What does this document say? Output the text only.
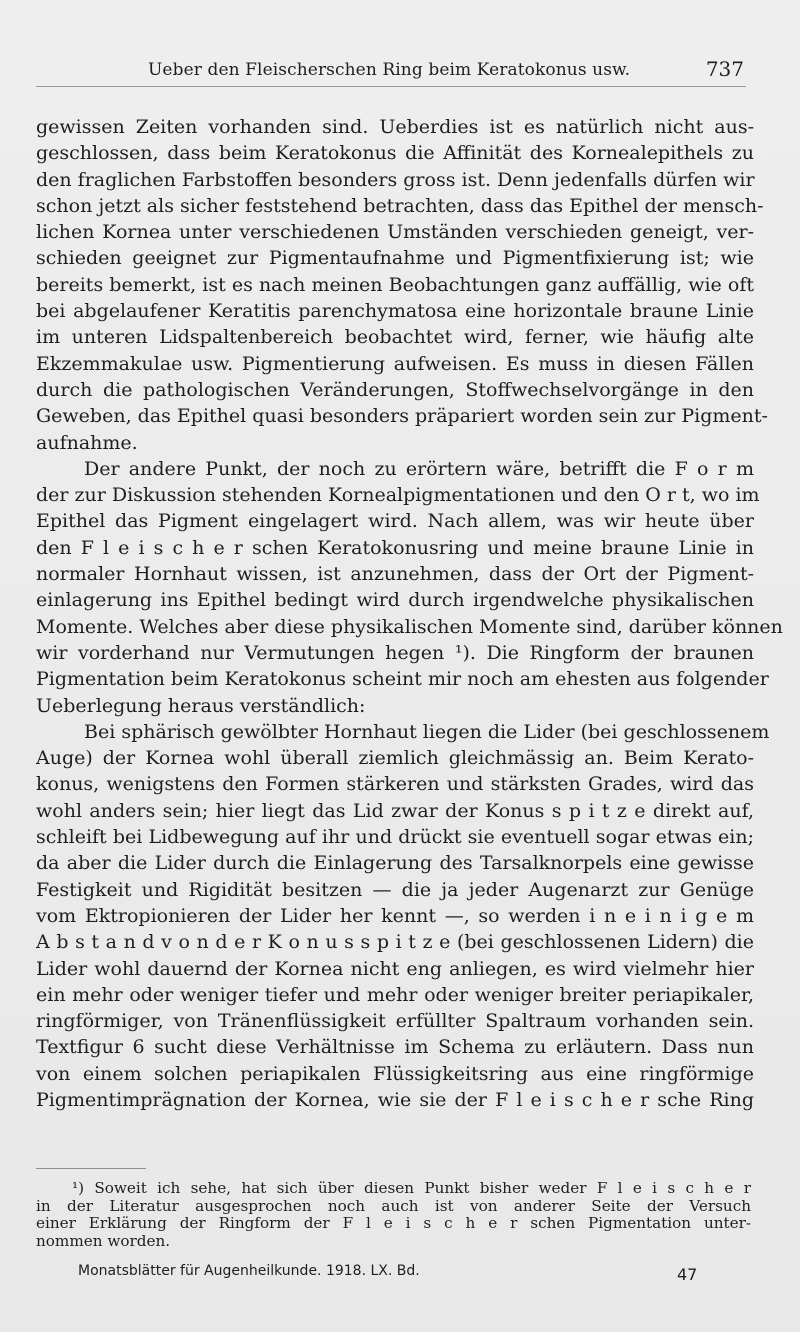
Ueber den Fleischerschen Ring beim Keratokonus usw.	737
gewissen Zeiten vorhanden sind. Ueberdies ist es natürlich nicht aus-
geschlossen, dass beim Keratokonus die Affinität des Kornealepithels zu
den fraglichen Farbstoffen besonders gross ist. Denn jedenfalls dürfen wir
schon jetzt als sicher feststehend betrachten, dass das Epithel der mensch-
lichen Kornea unter verschiedenen Umständen verschieden geneigt, ver-
schieden geeignet zur Pigmentaufnahme und Pigmentfixierung ist; wie
bereits bemerkt, ist es nach meinen Beobachtungen ganz auffällig, wie oft
bei abgelaufener Keratitis parenchymatosa eine horizontale braune Linie
im unteren Lidspaltenbereich beobachtet wird, ferner, wie häufig alte
Ekzemmakulae usw. Pigmentierung aufweisen. Es muss in diesen Fällen
durch die pathologischen Veränderungen, Stoffwechselvorgänge in den
Geweben, das Epithel quasi besonders präpariert worden sein zur Pigment-
aufnahme.
Der andere Punkt, der noch zu erörtern wäre, betrifft die F o r m
der zur Diskussion stehenden Kornealpigmentationen und den O r t, wo im
Epithel das Pigment eingelagert wird. Nach allem, was wir heute über
den F l e i s c h e r schen Keratokonusring und meine braune Linie in
normaler Hornhaut wissen, ist anzunehmen, dass der Ort der Pigment-
einlagerung ins Epithel bedingt wird durch irgendwelche physikalischen
Momente. Welches aber diese physikalischen Momente sind, darüber können
wir vorderhand nur Vermutungen hegen ¹). Die Ringform der braunen
Pigmentation beim Keratokonus scheint mir noch am ehesten aus folgender
Ueberlegung heraus verständlich:
Bei sphärisch gewölbter Hornhaut liegen die Lider (bei geschlossenem
Auge) der Kornea wohl überall ziemlich gleichmässig an. Beim Kerato-
konus, wenigstens den Formen stärkeren und stärksten Grades, wird das
wohl anders sein; hier liegt das Lid zwar der Konus s p i t z e direkt auf,
schleift bei Lidbewegung auf ihr und drückt sie eventuell sogar etwas ein;
da aber die Lider durch die Einlagerung des Tarsalknorpels eine gewisse
Festigkeit und Rigidität besitzen — die ja jeder Augenarzt zur Genüge
vom Ektropionieren der Lider her kennt —, so werden i n e i n i g e m
A b s t a n d v o n d e r K o n u s s p i t z e (bei geschlossenen Lidern) die
Lider wohl dauernd der Kornea nicht eng anliegen, es wird vielmehr hier
ein mehr oder weniger tiefer und mehr oder weniger breiter periapikaler,
ringförmiger, von Tränenflüssigkeit erfüllter Spaltraum vorhanden sein.
Textfigur 6 sucht diese Verhältnisse im Schema zu erläutern. Dass nun
von einem solchen periapikalen Flüssigkeitsring aus eine ringförmige
Pigmentimprägnation der Kornea, wie sie der F l e i s c h e r sche Ring
¹) Soweit ich sehe, hat sich über diesen Punkt bisher weder F l e i s c h e r
in der Literatur ausgesprochen noch auch ist von anderer Seite der Versuch
einer Erklärung der Ringform der F l e i s c h e r schen Pigmentation unter-
nommen worden.
Monatsblätter für Augenheilkunde. 1918. LX. Bd.	47
